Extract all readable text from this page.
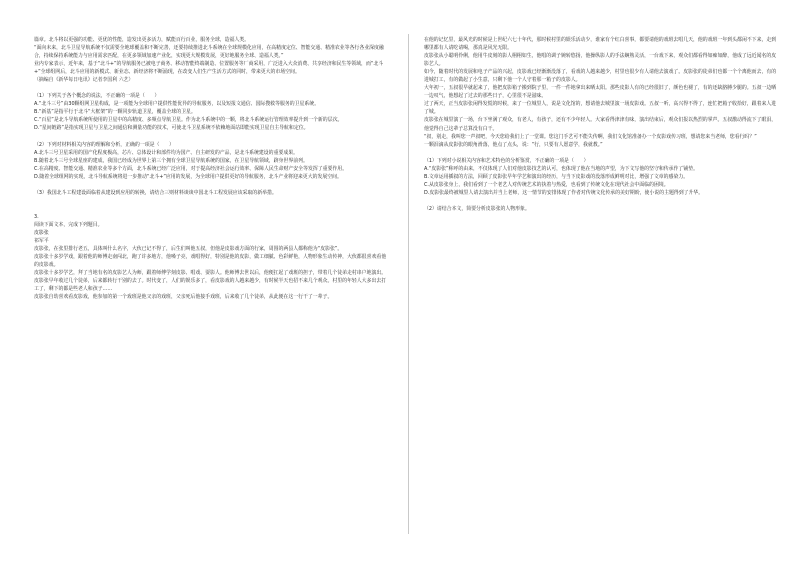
篇章。北斗将以更强的功能、更优的性能，造发出更多活力，赋能百行百业，服务全球，造福人类。

“面向未来，北斗卫星导航系统不仅需要全地球覆盖和不断完善，还要持续推进北斗系统在全球规模化应用，在高精度定位、智能交通、精准农业等各行各业深度融合，持续保持系统能力与应用需求匹配，在更多领域加速产业化，实现更大规模发展，更好地服务全球、造福人类。”

业内专家表示，近年来，基于“北斗+”的导航服务已被电子商务、移动智能终端制造、位置服务等厂商采用，广泛进入大众消费、共享经济和民生等领域，而“北斗+”全球组网后，北斗应用的新模式、新业态、新经济将不断涌现，在改变人们生产生活方式的同时，带来更大的市场空间。

（摘编自《新华每日电讯》记者李国利 六艺）

（1）下列关于各个概念的说法，不正确的一项是（　　）

A.“北斗三号”由30颗组网卫星构成，是一项能为全球用户提供性能优异的导航服务，以及短报文通信、国际搜救等服务的卫星系统。

B.“新基”是指平行于北斗“大框架”的一颗同步轨道卫星，覆盖全球的卫星。

C.“百星”是北斗导航系统所使用的卫星中的高精度、多频点导航卫星。作为北斗系统中的一颗，将北斗系统运行管理效率提升到一个新的层次。

D.“星间链路”是指实现卫星与卫星之间通信和测量功能的技术，可使北斗卫星系统不依赖地面站即能实现卫星自主导航和定位。

（2）下列对材料相关内容的理解和分析，正确的一项是（　　）

A.北斗三号卫星采用的国产化程度极高，芯片、总体设计和部件均为国产、自主研发的产品，是北斗系统建设的重要成果。

B.随着北斗三号全球星座的建成，我国已经成为世界上第三个拥有全球卫星导航系统的国家，在卫星导航领域，跻身世界前列。

C.在高精度、智能交通、精准农业等多个方面，北斗系统已经广泛应用，对于提高经济社会运行效率、保障人民生命财产安全等发挥了重要作用。

D.随着全球组网的实现，北斗导航系统将进一步推动“北斗+”应用的发展，为全球用户提供更好的导航服务，北斗产业将迎来更大的发展空间。

（3）我国北斗工程建设面临着从建设到应用的转换，请结合三则材料谈谈中国北斗工程发展应该采取的新举措。

3.

阅读下面文本，完成下列题目。

皮影张

祁军平

皮影张，在张里排行老五，具体叫什么名字，大伙已记不得了，后生们叫他五叔，但他是皮影戏方面的行家，周围的两县人都称他为“皮影张”。

皮影张十多岁学戏，跟着他的师傅走南闯北，跑了许多地方，他嗓子亮，戏唱得好，特别是他的皮影，做工细腻、色彩鲜艳，人物形象生动传神，大伙都很喜欢看他的皮影戏。

皮影张十多岁学艺，拜了当地有名的皮影艺人为师，跟着师傅学刻皮影、唱戏、耍影人。他师傅去世以后，他便扛起了戏班的担子，带着几个徒弟走村串户地演出。

皮影张早年收过几个徒弟，后来都转行干别的去了。时代变了，人们的娱乐多了，看皮影戏的人越来越少，有时候半天也招不来几个观众。村里的年轻人大多出去打工了，剩下的都是些老人和孩子……

皮影张自幼喜欢看皮影戏，他参加的第一个戏班是他父亲的戏班，父亲死后他接手戏班，后来收了几个徒弟，从此便在这一行干了一辈子。

在他的记忆里，最风光的时候是上世纪六七十年代，那时候村里的娱乐活动少，谁家有个红白喜事，都要请他的戏班去唱几天，他的戏班一年到头都闲不下来，走到哪里都有人请吃请喝，那真是风光无限。

皮影张从小聪明伶俐，他用牛皮刻的影人栩栩如生，他唱的调子婉转悠扬，他操纵影人的手法娴熟灵活，一台戏下来，观众们都看得如痴如醉，他成了远近闻名的皮影艺人。

如今，随着时代的发展和电子产品的兴起，皮影戏已经渐渐没落了，看戏的人越来越少，村里也很少有人请他去演戏了。皮影张的徒弟们也都一个个离他而去，有的进城打工，有的做起了小生意，只剩下他一个人守着那一箱子的皮影人。

大年初一，五叔很早就起来了，他把皮影箱子搬到院子里，一件一件地拿出来晒太阳。那些皮影人有的已经很旧了，颜色也褪了，有的还缺胳膊少腿的。五叔一边晒一边叹气，他想起了过去的那些日子，心里很不是滋味。

过了两天，正当皮影张闲得发慌的时候，来了一位城里人，说是文化馆的，想请他去城里演一场皮影戏。五叔一听，高兴得不得了，连忙把箱子收拾好，跟着来人进了城。

皮影张在城里演了一场，台下坐满了观众，有老人，有孩子，还有不少年轻人。大家看得津津有味，演出结束后，观众们报以热烈的掌声。五叔激动得流下了眼泪，他觉得自己这辈子总算没有白干。

“叔，别走，我叫您一声叔吧，今天您给我们上了一堂课。您这门手艺可不能失传啊，我们文化馆准备办一个皮影戏传习班，想请您来当老师，您看行吗？”

一颗泪滴从皮影张的眼角滑落，他点了点头，说：“行，只要有人愿意学，我就教。”

（1）下列对小说相关内容和艺术特色的分析鉴赏，不正确的一项是（　　）

A.“皮影张”称呼的由来，不仅体现了人们对他皮影技艺的认可，也体现了他在当地的声望，为下文写他的坚守和传承作了铺垫。

B.文章运用插叙的方法，回顾了皮影张早年学艺和演出的经历，与当下皮影戏的没落形成鲜明对比，增强了文章的感染力。

C.从皮影张身上，我们看到了一个老艺人对传统艺术的执着与热爱，也看到了传统文化在现代社会中面临的困境。

D.皮影张最终被城里人请去演出并当上老师，这一情节的安排体现了作者对传统文化传承的美好期盼，使小说的主题得到了升华。

（2）请结合本文，简要分析皮影张的人物形象。
